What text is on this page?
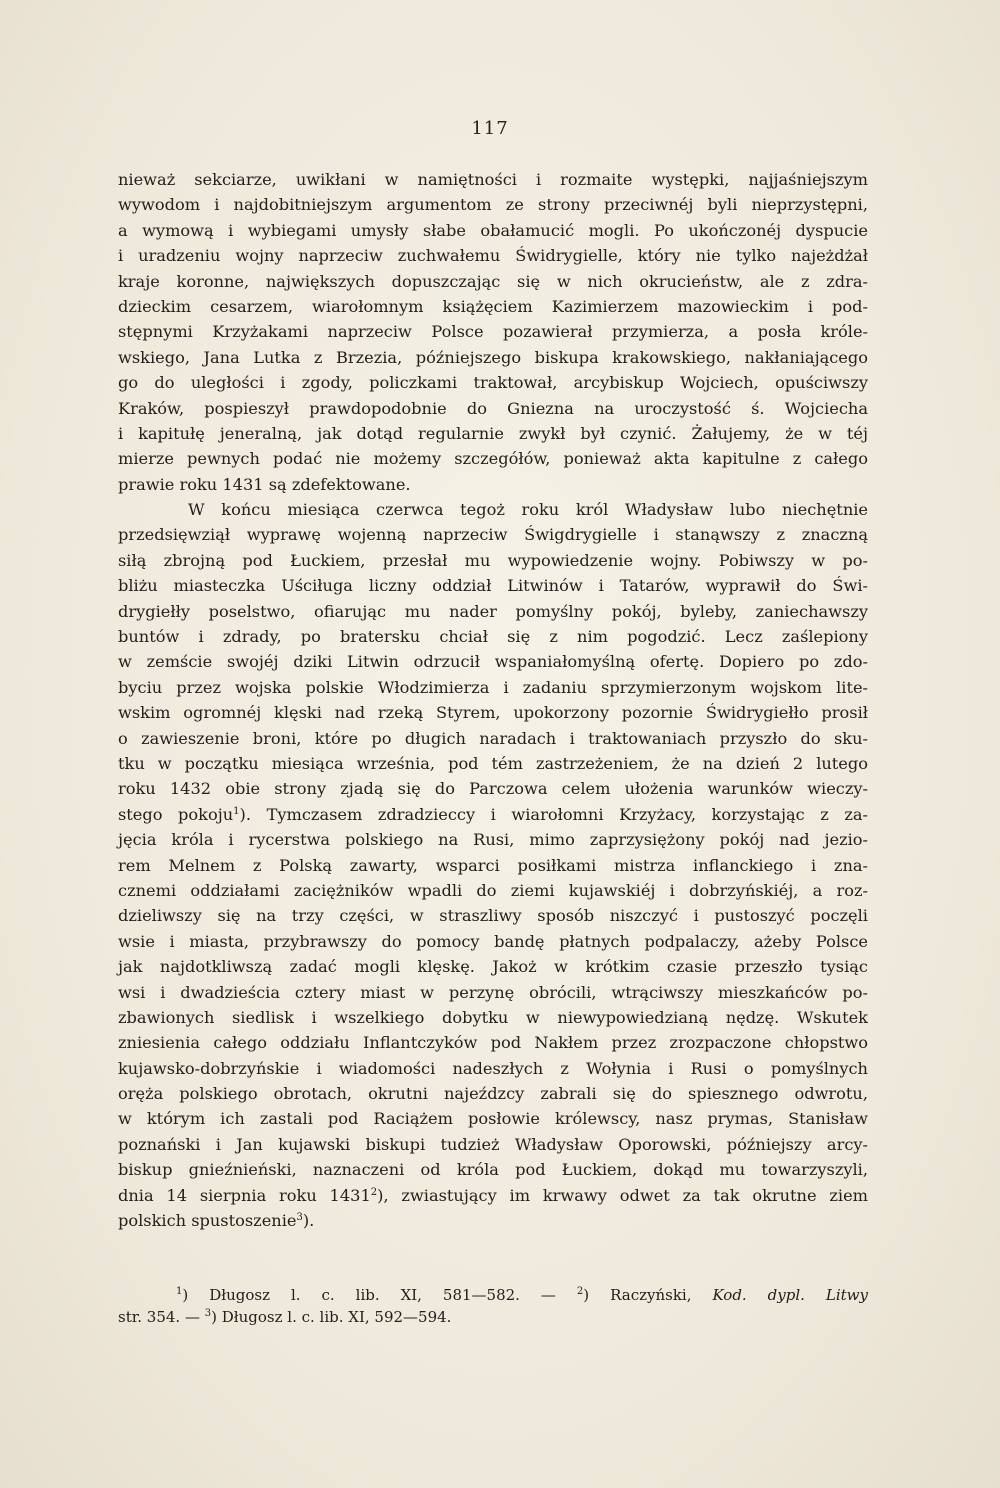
117
nieważ sekciarze, uwikłani w namiętności i rozmaite występki, najjaśniejszym
wywodom i najdobitniejszym argumentom ze strony przeciwnéj byli nieprzystępni,
a wymową i wybiegami umysły słabe obałamucić mogli. Po ukończonéj dyspucie
i uradzeniu wojny naprzeciw zuchwałemu Świdrygielle, który nie tylko najeżdżał
kraje koronne, największych dopuszczając się w nich okrucieństw, ale z zdra-
dzieckim cesarzem, wiarołomnym książęciem Kazimierzem mazowieckim i pod-
stępnymi Krzyżakami naprzeciw Polsce pozawierał przymierza, a posła króle-
wskiego, Jana Lutka z Brzezia, późniejszego biskupa krakowskiego, nakłaniającego
go do uległości i zgody, policzkami traktował, arcybiskup Wojciech, opuściwszy
Kraków, pospieszył prawdopodobnie do Gniezna na uroczystość ś. Wojciecha
i kapitułę jeneralną, jak dotąd regularnie zwykł był czynić. Żałujemy, że w téj
mierze pewnych podać nie możemy szczegółów, ponieważ akta kapitulne z całego
prawie roku 1431 są zdefektowane.
W końcu miesiąca czerwca tegoż roku król Władysław lubo niechętnie
przedsięwziął wyprawę wojenną naprzeciw Świgdrygielle i stanąwszy z znaczną
siłą zbrojną pod Łuckiem, przesłał mu wypowiedzenie wojny. Pobiwszy w po-
bliżu miasteczka Uściługa liczny oddział Litwinów i Tatarów, wyprawił do Świ-
drygiełły poselstwo, ofiarując mu nader pomyślny pokój, byleby, zaniechawszy
buntów i zdrady, po bratersku chciał się z nim pogodzić. Lecz zaślepiony
w zemście swojéj dziki Litwin odrzucił wspaniałomyślną ofertę. Dopiero po zdo-
byciu przez wojska polskie Włodzimierza i zadaniu sprzymierzonym wojskom lite-
wskim ogromnéj klęski nad rzeką Styrem, upokorzony pozornie Świdrygiełło prosił
o zawieszenie broni, które po długich naradach i traktowaniach przyszło do sku-
tku w początku miesiąca września, pod tém zastrzeżeniem, że na dzień 2 lutego
roku 1432 obie strony zjadą się do Parczowa celem ułożenia warunków wieczy-
stego pokoju$^1$). Tymczasem zdradzieccy i wiarołomni Krzyżacy, korzystając z za-
jęcia króla i rycerstwa polskiego na Rusi, mimo zaprzysiężony pokój nad jezio-
rem Melnem z Polską zawarty, wsparci posiłkami mistrza inflanckiego i zna-
cznemi oddziałami zaciężników wpadli do ziemi kujawskiéj i dobrzyńskiéj, a roz-
dzieliwszy się na trzy części, w straszliwy sposób niszczyć i pustoszyć poczęli
wsie i miasta, przybrawszy do pomocy bandę płatnych podpalaczy, ażeby Polsce
jak najdotkliwszą zadać mogli klęskę. Jakoż w krótkim czasie przeszło tysiąc
wsi i dwadzieścia cztery miast w perzynę obrócili, wtrąciwszy mieszkańców po-
zbawionych siedlisk i wszelkiego dobytku w niewypowiedzianą nędzę. Wskutek
zniesienia całego oddziału Inflantczyków pod Nakłem przez zrozpaczone chłopstwo
kujawsko-dobrzyńskie i wiadomości nadeszłych z Wołynia i Rusi o pomyślnych
oręża polskiego obrotach, okrutni najeźdzcy zabrali się do spiesznego odwrotu,
w którym ich zastali pod Raciążem posłowie królewscy, nasz prymas, Stanisław
poznański i Jan kujawski biskupi tudzież Władysław Oporowski, późniejszy arcy-
biskup gnieźnieński, naznaczeni od króla pod Łuckiem, dokąd mu towarzyszyli,
dnia 14 sierpnia roku 1431$^2$), zwiastujący im krwawy odwet za tak okrutne ziem
polskich spustoszenie$^3$).
$^1$) Długosz l. c. lib. XI, 581—582. — $^2$) Raczyński, Kod. dypl. Litwy
str. 354. — $^3$) Długosz l. c. lib. XI, 592—594.
